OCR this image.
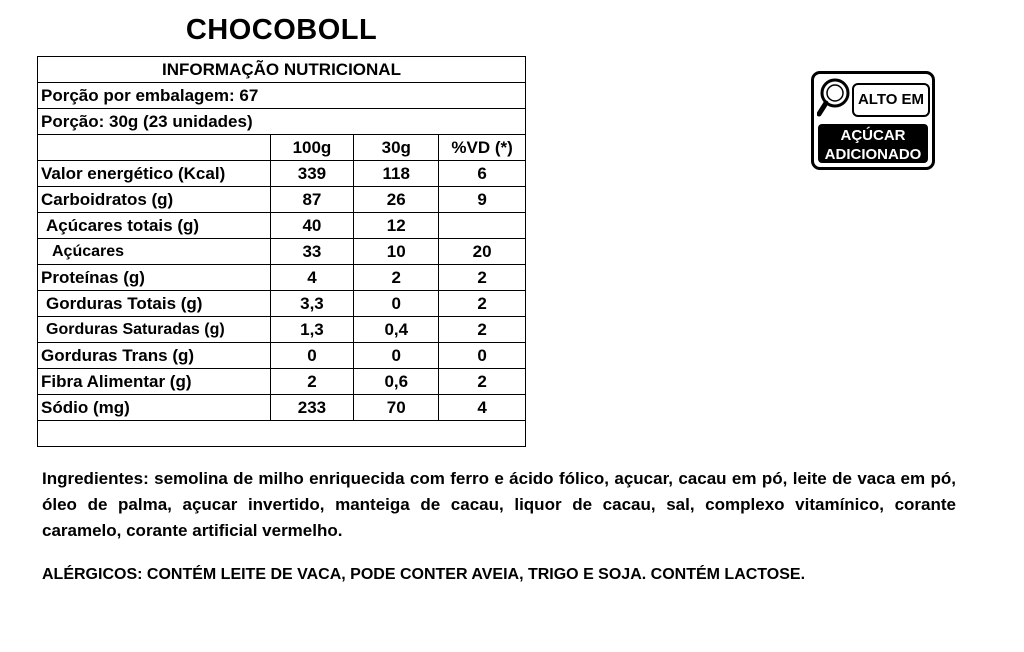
CHOCOBOLL
INFORMAÇÃO NUTRICIONAL			
Porção por embalagem: 67			
Porção: 30g (23 unidades)			
	100g	30g	%VD (*)
Valor energético (Kcal)	339	118	6
Carboidratos (g)	87	26	9
Açúcares totais (g)	40	12	
Açúcares	33	10	20
Proteínas (g)	4	2	2
Gorduras Totais (g)	3,3	0	2
Gorduras Saturadas (g)	1,3	0,4	2
Gorduras Trans (g)	0	0	0
Fibra Alimentar (g)	2	0,6	2
Sódio (mg)	233	70	4

ALTO EM
AÇÚCAR
ADICIONADO
Ingredientes: semolina de milho enriquecida com ferro e ácido fólico, açucar, cacau em pó, leite de vaca em pó, óleo de palma, açucar invertido, manteiga de cacau, liquor de cacau, sal, complexo vitamínico, corante caramelo, corante artificial vermelho.
ALÉRGICOS: CONTÉM LEITE DE VACA, PODE CONTER AVEIA, TRIGO E SOJA. CONTÉM LACTOSE.
